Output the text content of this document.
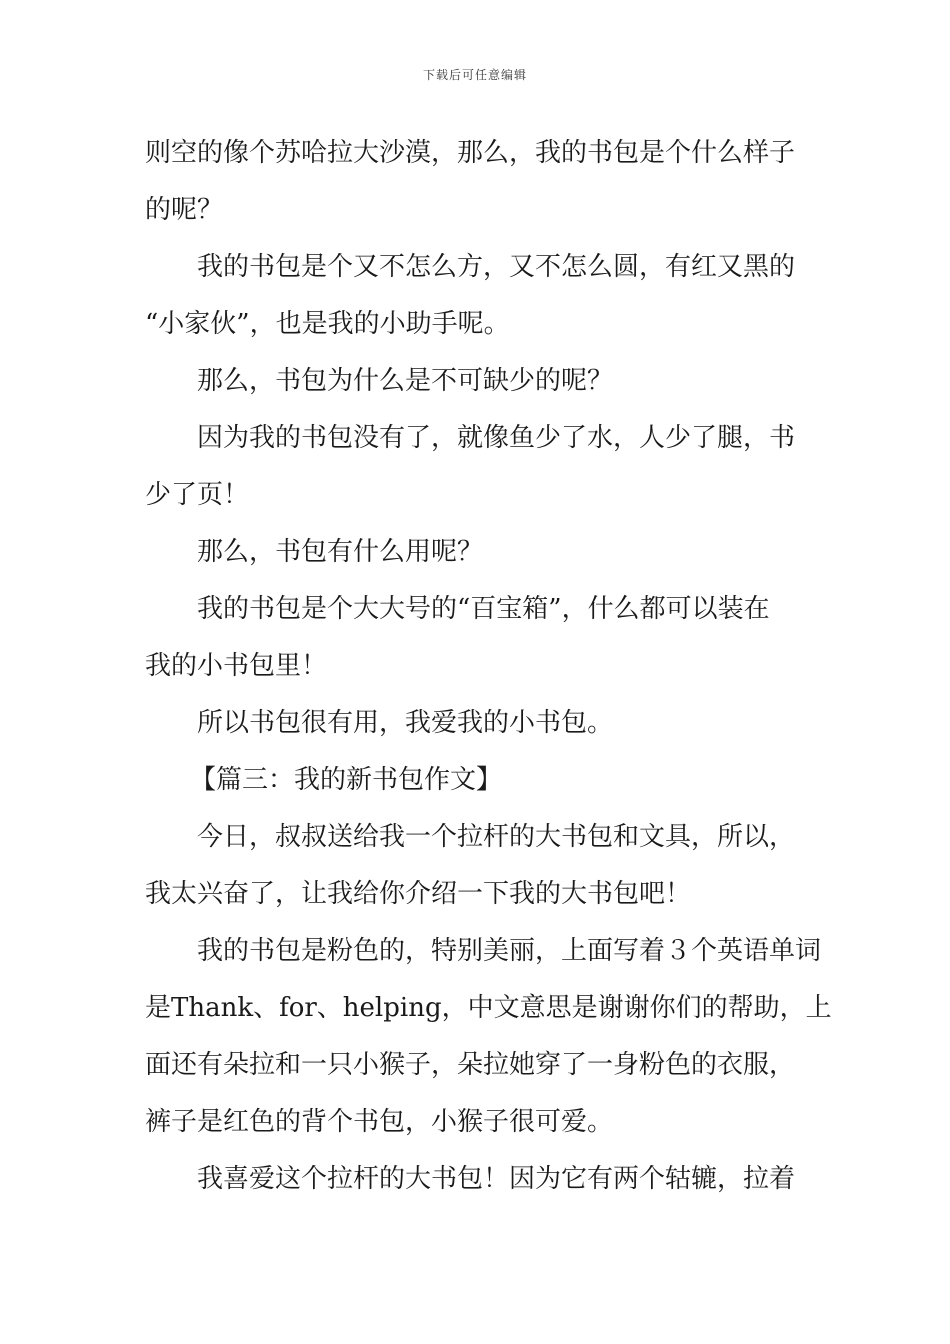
下载后可任意编辑
则空的像个苏哈拉大沙漠，那么，我的书包是个什么样子
的呢？
我的书包是个又不怎么方，又不怎么圆，有红又黑的
“小家伙”，也是我的小助手呢。
那么，书包为什么是不可缺少的呢？
因为我的书包没有了，就像鱼少了水，人少了腿，书
少了页！
那么，书包有什么用呢？
我的书包是个大大号的“百宝箱”，什么都可以装在
我的小书包里！
所以书包很有用，我爱我的小书包。
【篇三：我的新书包作文】
今日，叔叔送给我一个拉杆的大书包和文具，所以，
我太兴奋了，让我给你介绍一下我的大书包吧！
我的书包是粉色的，特别美丽，上面写着３个英语单词
是Thank、for、helping，中文意思是谢谢你们的帮助，上
面还有朵拉和一只小猴子，朵拉她穿了一身粉色的衣服，
裤子是红色的背个书包，小猴子很可爱。
我喜爱这个拉杆的大书包！因为它有两个轱辘，拉着
